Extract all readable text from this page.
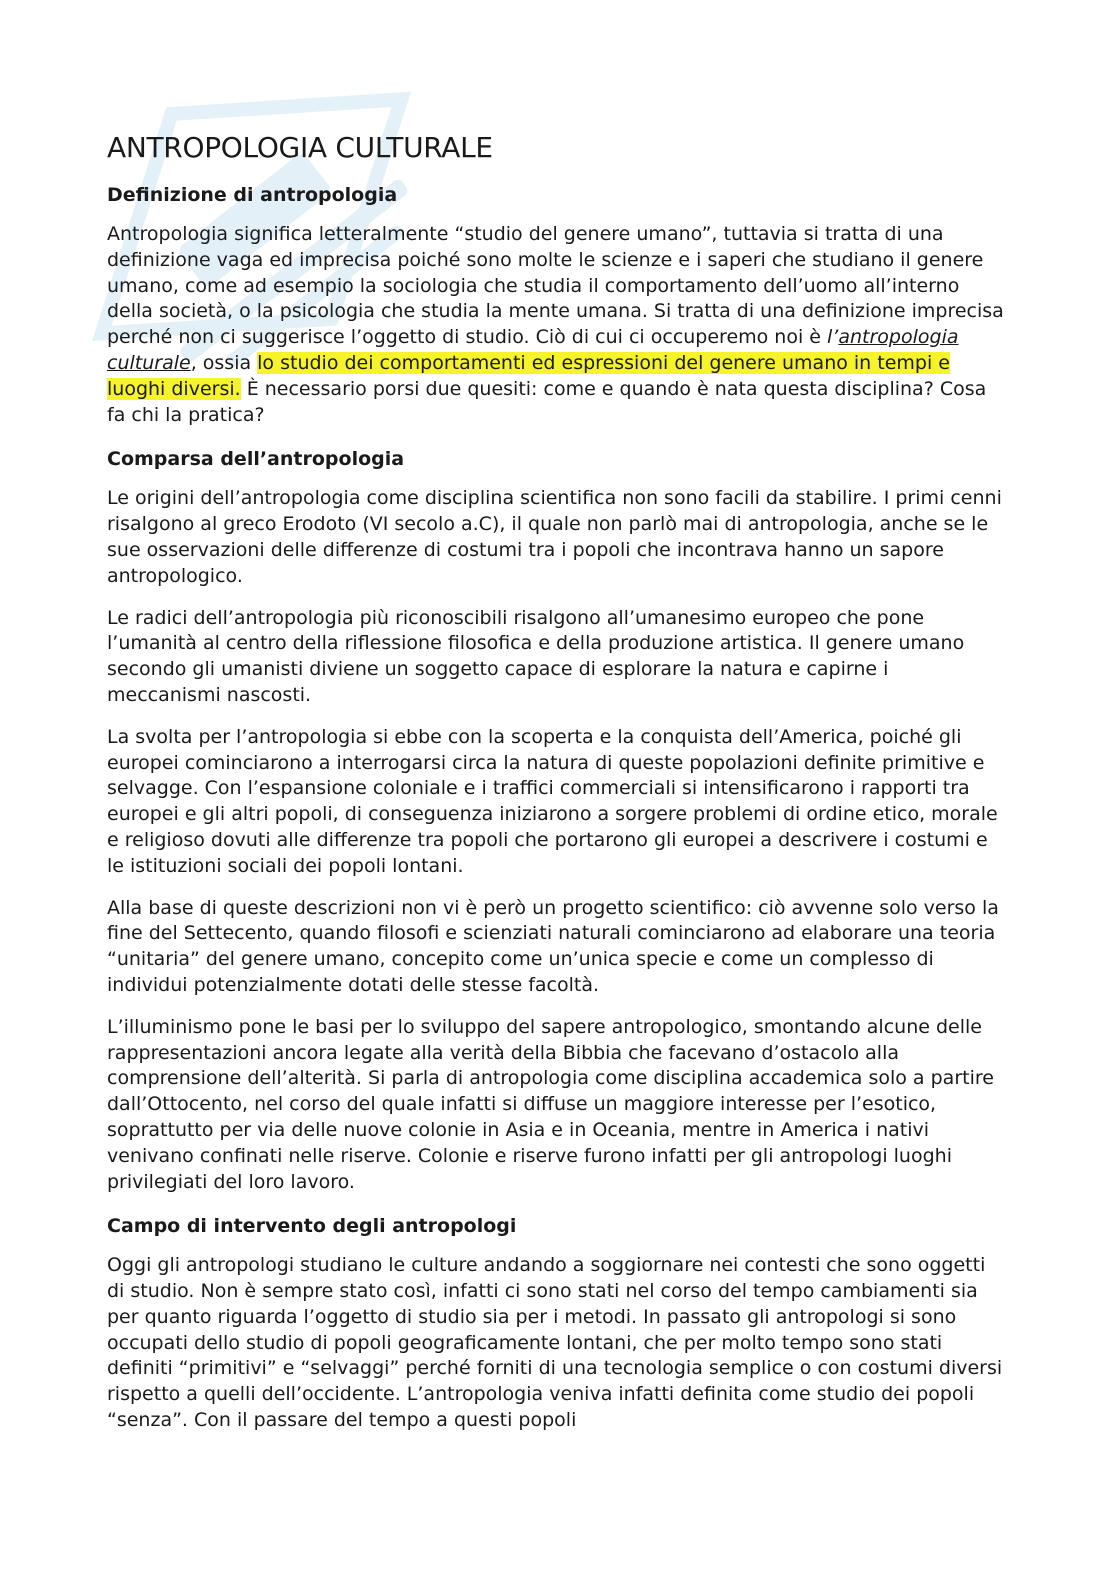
ANTROPOLOGIA CULTURALE
Definizione di antropologia

Antropologia significa letteralmente “studio del genere umano”, tuttavia si tratta di una definizione vaga ed imprecisa poiché sono molte le scienze e i saperi che studiano il genere umano, come ad esempio la sociologia che studia il comportamento dell’uomo all’interno della società, o la psicologia che studia la mente umana. Si tratta di una definizione imprecisa perché non ci suggerisce l’oggetto di studio. Ciò di cui ci occuperemo noi è l’antropologia culturale, ossia lo studio dei comportamenti ed espressioni del genere umano in tempi e luoghi diversi. È necessario porsi due quesiti: come e quando è nata questa disciplina? Cosa fa chi la pratica?

Comparsa dell’antropologia

Le origini dell’antropologia come disciplina scientifica non sono facili da stabilire. I primi cenni risalgono al greco Erodoto (VI secolo a.C), il quale non parlò mai di antropologia, anche se le sue osservazioni delle differenze di costumi tra i popoli che incontrava hanno un sapore antropologico.

Le radici dell’antropologia più riconoscibili risalgono all’umanesimo europeo che pone l’umanità al centro della riflessione filosofica e della produzione artistica. Il genere umano secondo gli umanisti diviene un soggetto capace di esplorare la natura e capirne i meccanismi nascosti.

La svolta per l’antropologia si ebbe con la scoperta e la conquista dell’America, poiché gli europei cominciarono a interrogarsi circa la natura di queste popolazioni definite primitive e selvagge. Con l’espansione coloniale e i traffici commerciali si intensificarono i rapporti tra europei e gli altri popoli, di conseguenza iniziarono a sorgere problemi di ordine etico, morale e religioso dovuti alle differenze tra popoli che portarono gli europei a descrivere i costumi e le istituzioni sociali dei popoli lontani.

Alla base di queste descrizioni non vi è però un progetto scientifico: ciò avvenne solo verso la fine del Settecento, quando filosofi e scienziati naturali cominciarono ad elaborare una teoria “unitaria” del genere umano, concepito come un’unica specie e come un complesso di individui potenzialmente dotati delle stesse facoltà.

L’illuminismo pone le basi per lo sviluppo del sapere antropologico, smontando alcune delle rappresentazioni ancora legate alla verità della Bibbia che facevano d’ostacolo alla comprensione dell’alterità. Si parla di antropologia come disciplina accademica solo a partire dall’Ottocento, nel corso del quale infatti si diffuse un maggiore interesse per l’esotico, soprattutto per via delle nuove colonie in Asia e in Oceania, mentre in America i nativi venivano confinati nelle riserve. Colonie e riserve furono infatti per gli antropologi luoghi privilegiati del loro lavoro.

Campo di intervento degli antropologi

Oggi gli antropologi studiano le culture andando a soggiornare nei contesti che sono oggetti di studio. Non è sempre stato così, infatti ci sono stati nel corso del tempo cambiamenti sia per quanto riguarda l’oggetto di studio sia per i metodi. In passato gli antropologi si sono occupati dello studio di popoli geograficamente lontani, che per molto tempo sono stati definiti “primitivi” e “selvaggi” perché forniti di una tecnologia semplice o con costumi diversi rispetto a quelli dell’occidente. L’antropologia veniva infatti definita come studio dei popoli “senza”. Con il passare del tempo a questi popoli
